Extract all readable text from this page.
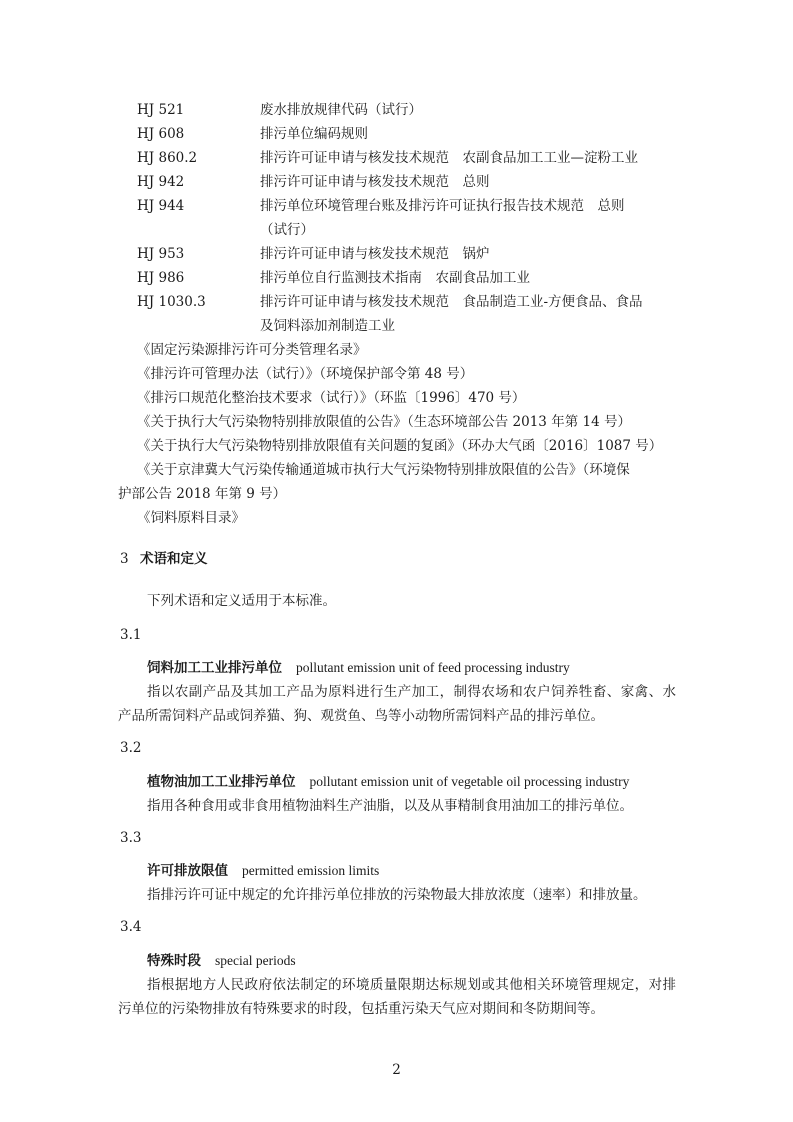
HJ 521	废水排放规律代码（试行）
HJ 608	排污单位编码规则
HJ 860.2	排污许可证申请与核发技术规范　农副食品加工工业—淀粉工业
HJ 942	排污许可证申请与核发技术规范　总则
HJ 944	排污单位环境管理台账及排污许可证执行报告技术规范　总则
（试行）
HJ 953	排污许可证申请与核发技术规范　锅炉
HJ 986	排污单位自行监测技术指南　农副食品加工业
HJ 1030.3	排污许可证申请与核发技术规范　食品制造工业-方便食品、食品
及饲料添加剂制造工业
《固定污染源排污许可分类管理名录》
《排污许可管理办法（试行）》（环境保护部令第 48 号）
《排污口规范化整治技术要求（试行）》（环监〔1996〕470 号）
《关于执行大气污染物特别排放限值的公告》（生态环境部公告 2013 年第 14 号）
《关于执行大气污染物特别排放限值有关问题的复函》（环办大气函〔2016〕1087 号）
《关于京津冀大气污染传输通道城市执行大气污染物特别排放限值的公告》（环境保
护部公告 2018 年第 9 号）
《饲料原料目录》
3 术语和定义
下列术语和定义适用于本标准。
3.1
饲料加工工业排污单位 pollutant emission unit of feed processing industry
指以农副产品及其加工产品为原料进行生产加工，制得农场和农户饲养牲畜、家禽、水
产品所需饲料产品或饲养猫、狗、观赏鱼、鸟等小动物所需饲料产品的排污单位。
3.2
植物油加工工业排污单位 pollutant emission unit of vegetable oil processing industry
指用各种食用或非食用植物油料生产油脂，以及从事精制食用油加工的排污单位。
3.3
许可排放限值 permitted emission limits
指排污许可证中规定的允许排污单位排放的污染物最大排放浓度（速率）和排放量。
3.4
特殊时段 special periods
指根据地方人民政府依法制定的环境质量限期达标规划或其他相关环境管理规定，对排
污单位的污染物排放有特殊要求的时段，包括重污染天气应对期间和冬防期间等。
2
